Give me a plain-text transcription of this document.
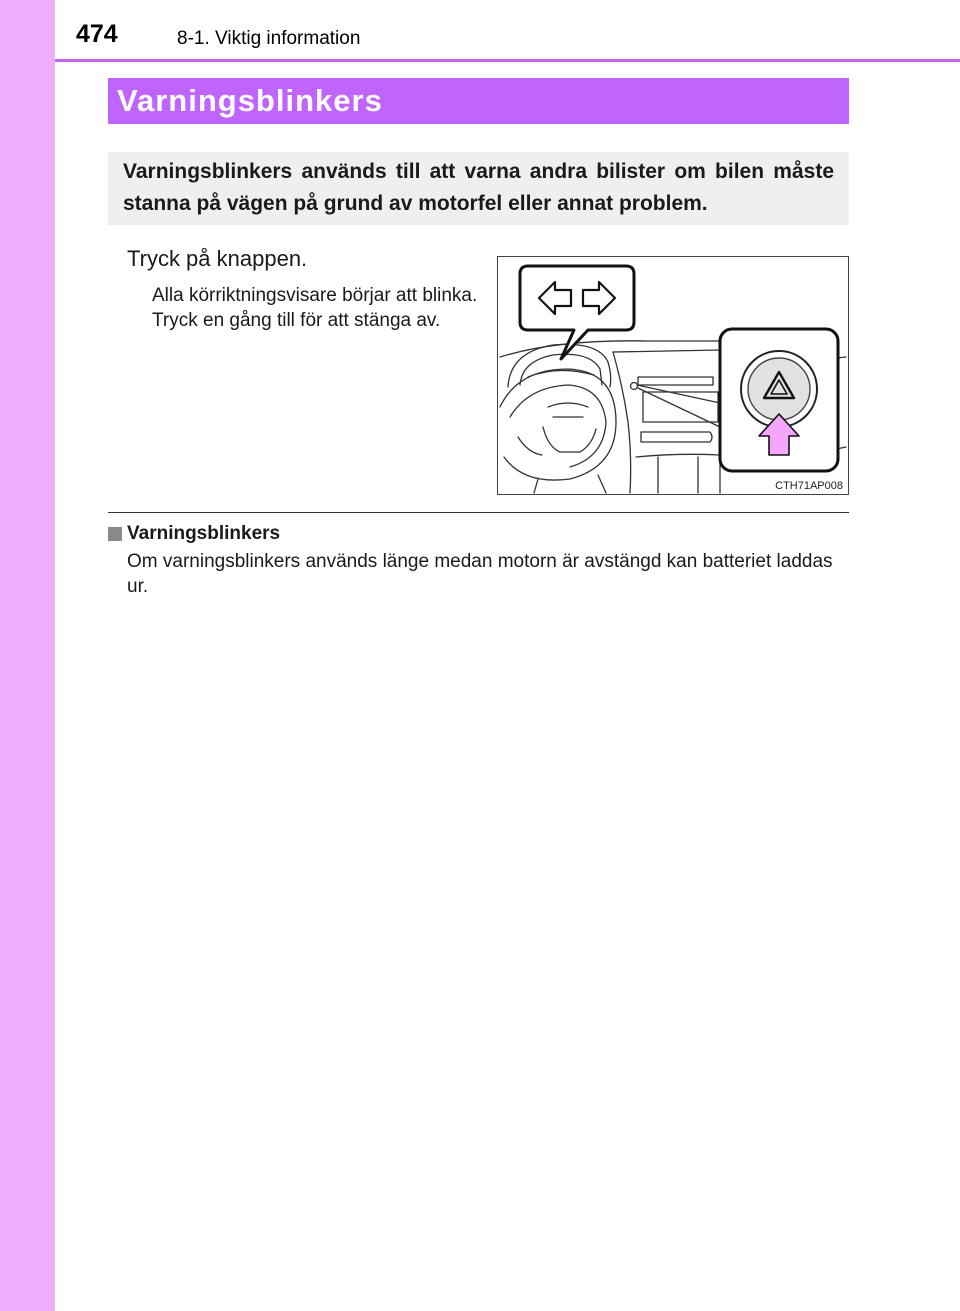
474	8-1. Viktig information
Varningsblinkers

Varningsblinkers används till att varna andra bilister om bilen måste stanna på vägen på grund av motorfel eller annat problem.

Tryck på knappen.

Alla körriktningsvisare börjar att blinka.

Tryck en gång till för att stänga av.

CTH71AP008
Varningsblinkers

Om varningsblinkers används länge medan motorn är avstängd kan batteriet laddas ur.
